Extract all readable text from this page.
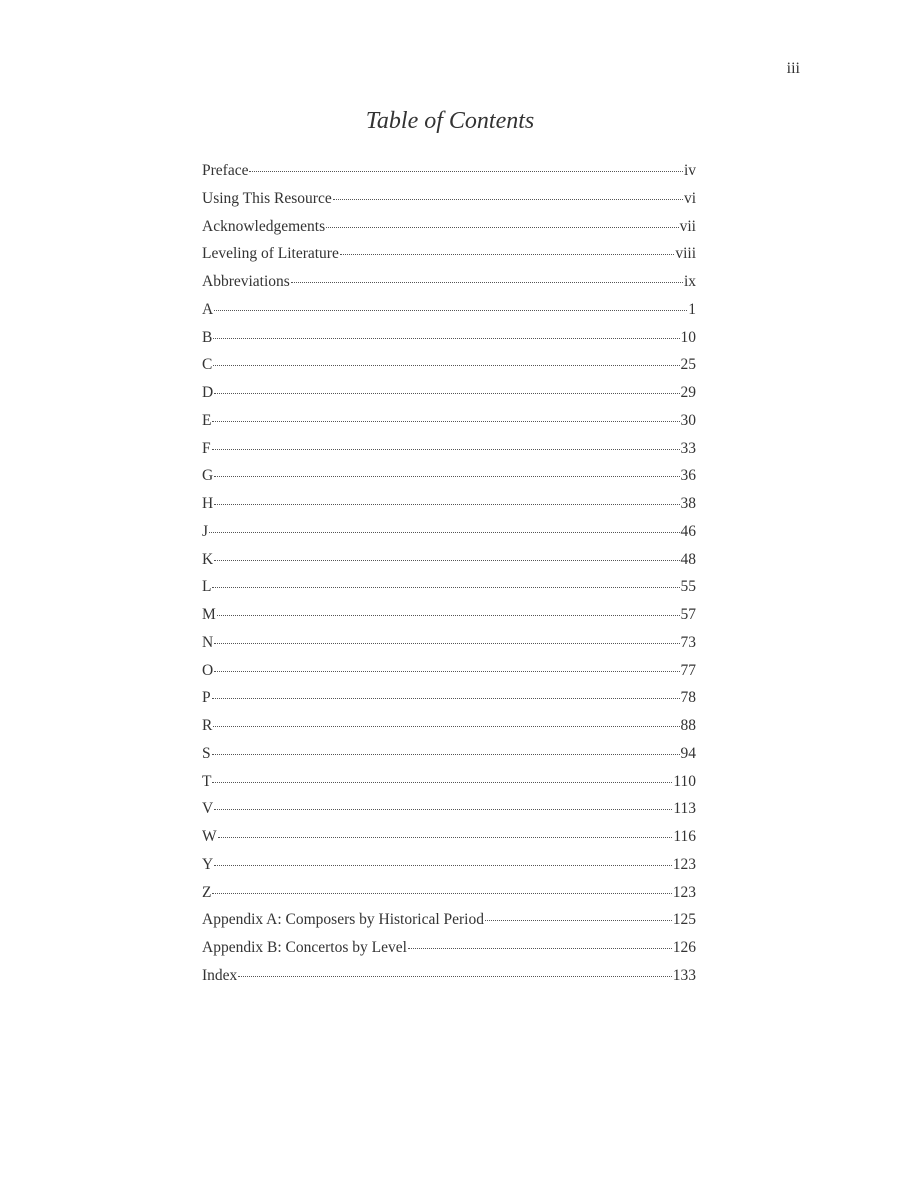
iii
Table of Contents
Preface	iv
Using This Resource	vi
Acknowledgements	vii
Leveling of Literature	viii
Abbreviations	ix
A	1
B	10
C	25
D	29
E	30
F	33
G	36
H	38
J	46
K	48
L	55
M	57
N	73
O	77
P	78
R	88
S	94
T	110
V	113
W	116
Y	123
Z	123
Appendix A: Composers by Historical Period	125
Appendix B: Concertos by Level	126
Index	133
